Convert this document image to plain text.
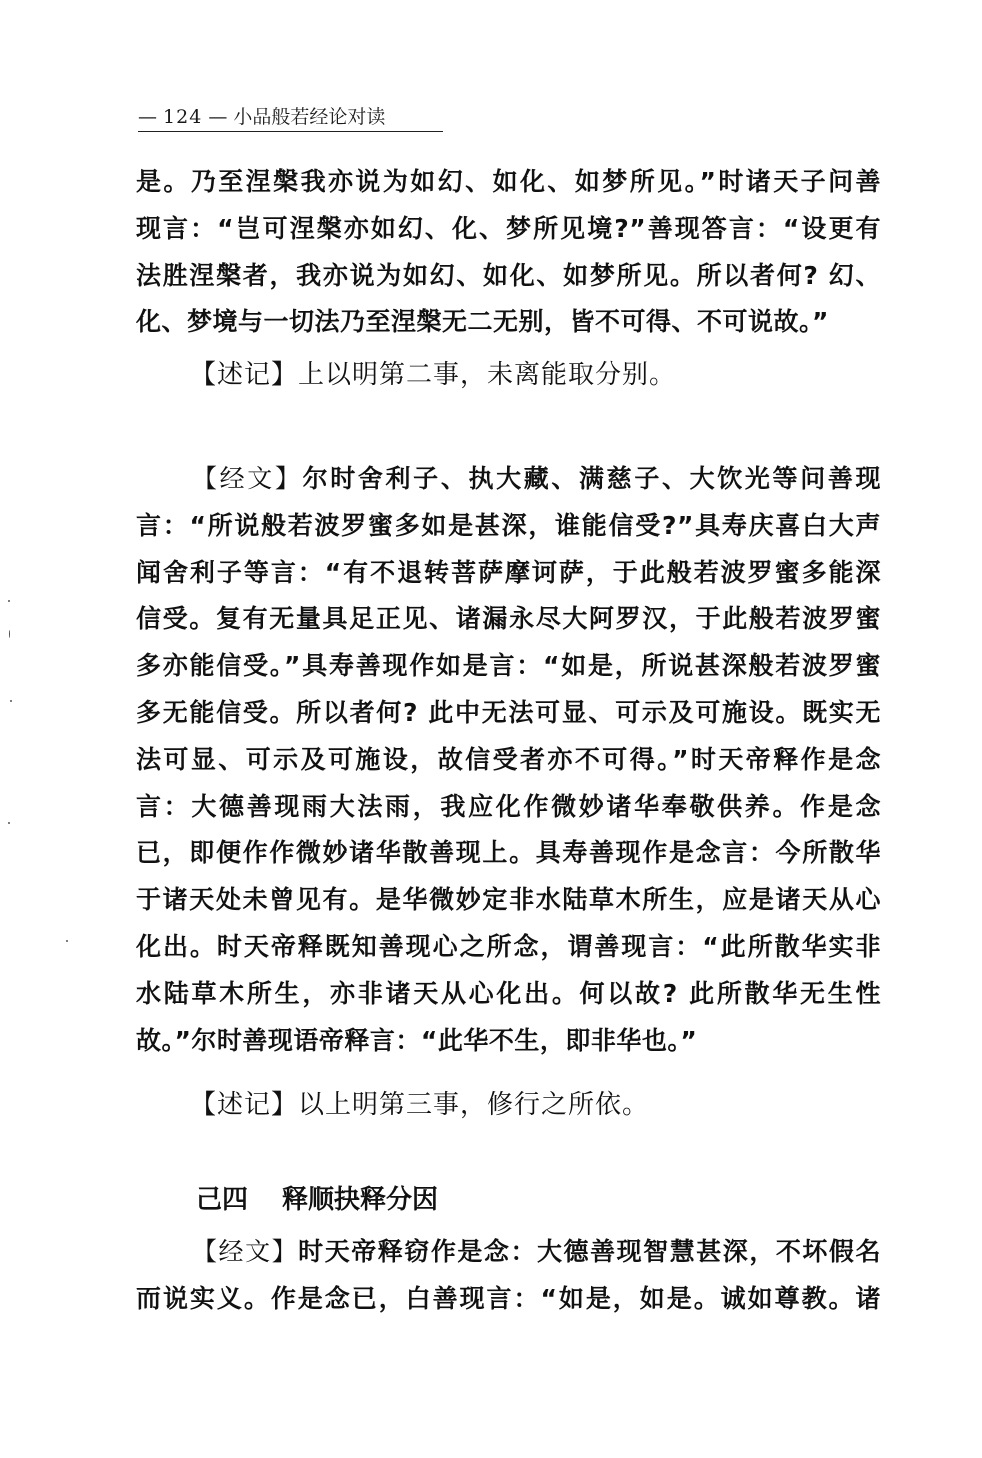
— 124 — 小品般若经论对读
是。乃至涅槃我亦说为如幻、如化、如梦所见。”时诸天子问善
现言：“岂可涅槃亦如幻、化、梦所见境?”善现答言：“设更有
法胜涅槃者，我亦说为如幻、如化、如梦所见。所以者何? 幻、
化、梦境与一切法乃至涅槃无二无别，皆不可得、不可说故。”
【述记】上以明第二事，未离能取分别。
【经文】尔时舍利子、执大藏、满慈子、大饮光等问善现
言：“所说般若波罗蜜多如是甚深，谁能信受?”具寿庆喜白大声
闻舍利子等言：“有不退转菩萨摩诃萨，于此般若波罗蜜多能深
信受。复有无量具足正见、诸漏永尽大阿罗汉，于此般若波罗蜜
多亦能信受。”具寿善现作如是言：“如是，所说甚深般若波罗蜜
多无能信受。所以者何? 此中无法可显、可示及可施设。既实无
法可显、可示及可施设，故信受者亦不可得。”时天帝释作是念
言：大德善现雨大法雨，我应化作微妙诸华奉敬供养。作是念
已，即便作作微妙诸华散善现上。具寿善现作是念言：今所散华
于诸天处未曾见有。是华微妙定非水陆草木所生，应是诸天从心
化出。时天帝释既知善现心之所念，谓善现言：“此所散华实非
水陆草木所生，亦非诸天从心化出。何以故? 此所散华无生性
故。”尔时善现语帝释言：“此华不生，即非华也。”
【述记】以上明第三事，修行之所依。
己四 释顺抉释分因
【经文】时天帝释窃作是念：大德善现智慧甚深，不坏假名
而说实义。作是念已，白善现言：“如是，如是。诚如尊教。诸
